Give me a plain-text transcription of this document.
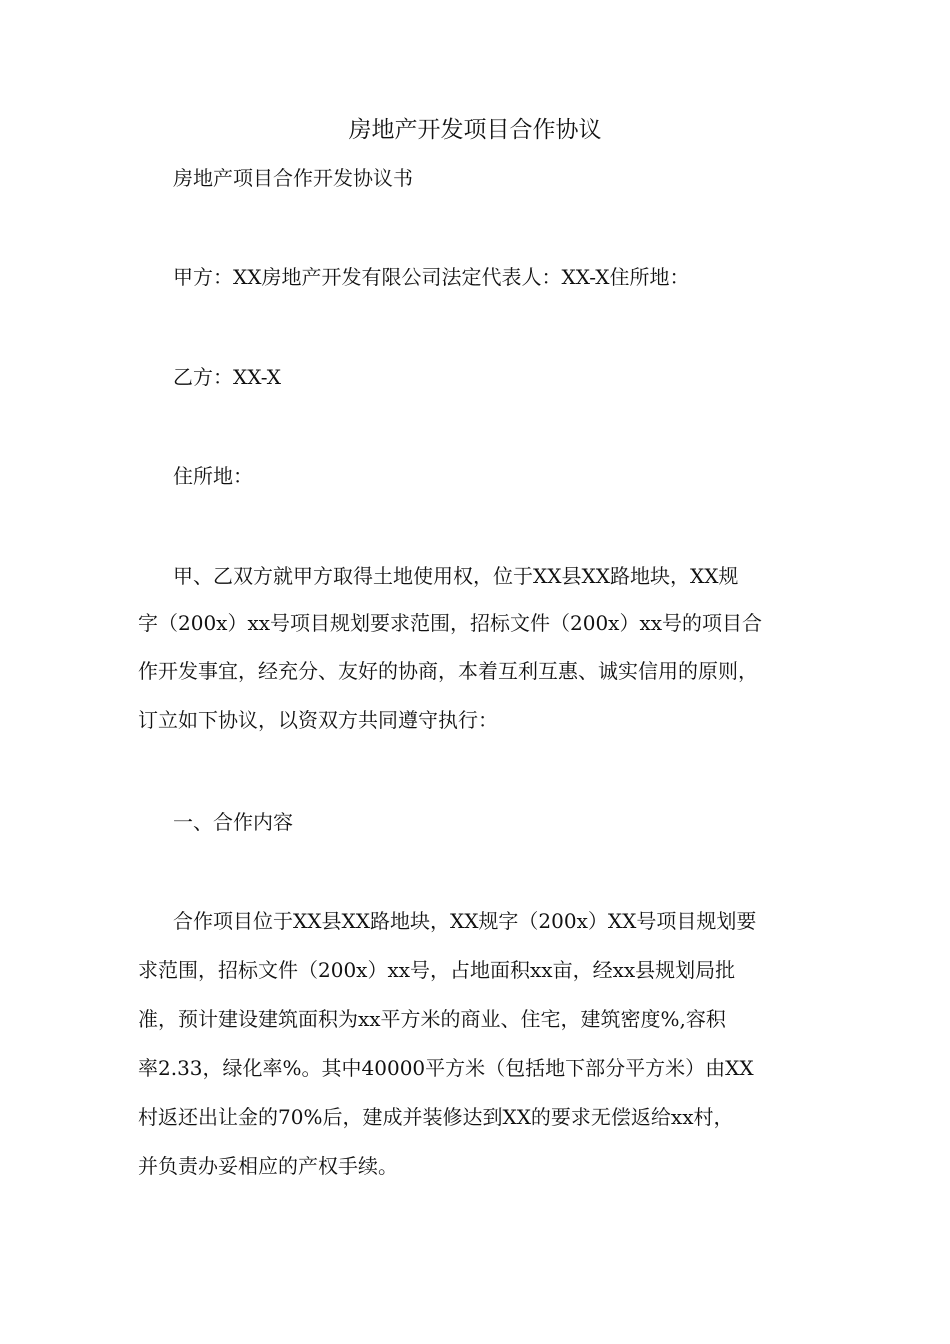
房地产开发项目合作协议
房地产项目合作开发协议书
甲方：XX房地产开发有限公司法定代表人：XX-X住所地：
乙方：XX-X
住所地：
甲、乙双方就甲方取得土地使用权，位于XX县XX路地块，XX规
字（200x）xx号项目规划要求范围，招标文件（200x）xx号的项目合
作开发事宜，经充分、友好的协商，本着互利互惠、诚实信用的原则，
订立如下协议，以资双方共同遵守执行：
一、合作内容
合作项目位于XX县XX路地块，XX规字（200x）XX号项目规划要
求范围，招标文件（200x）xx号，占地面积xx亩，经xx县规划局批
准，预计建设建筑面积为xx平方米的商业、住宅，建筑密度%,容积
率2.33，绿化率%。其中40000平方米（包括地下部分平方米）由XX
村返还出让金的70%后，建成并装修达到XX的要求无偿返给xx村，
并负责办妥相应的产权手续。
